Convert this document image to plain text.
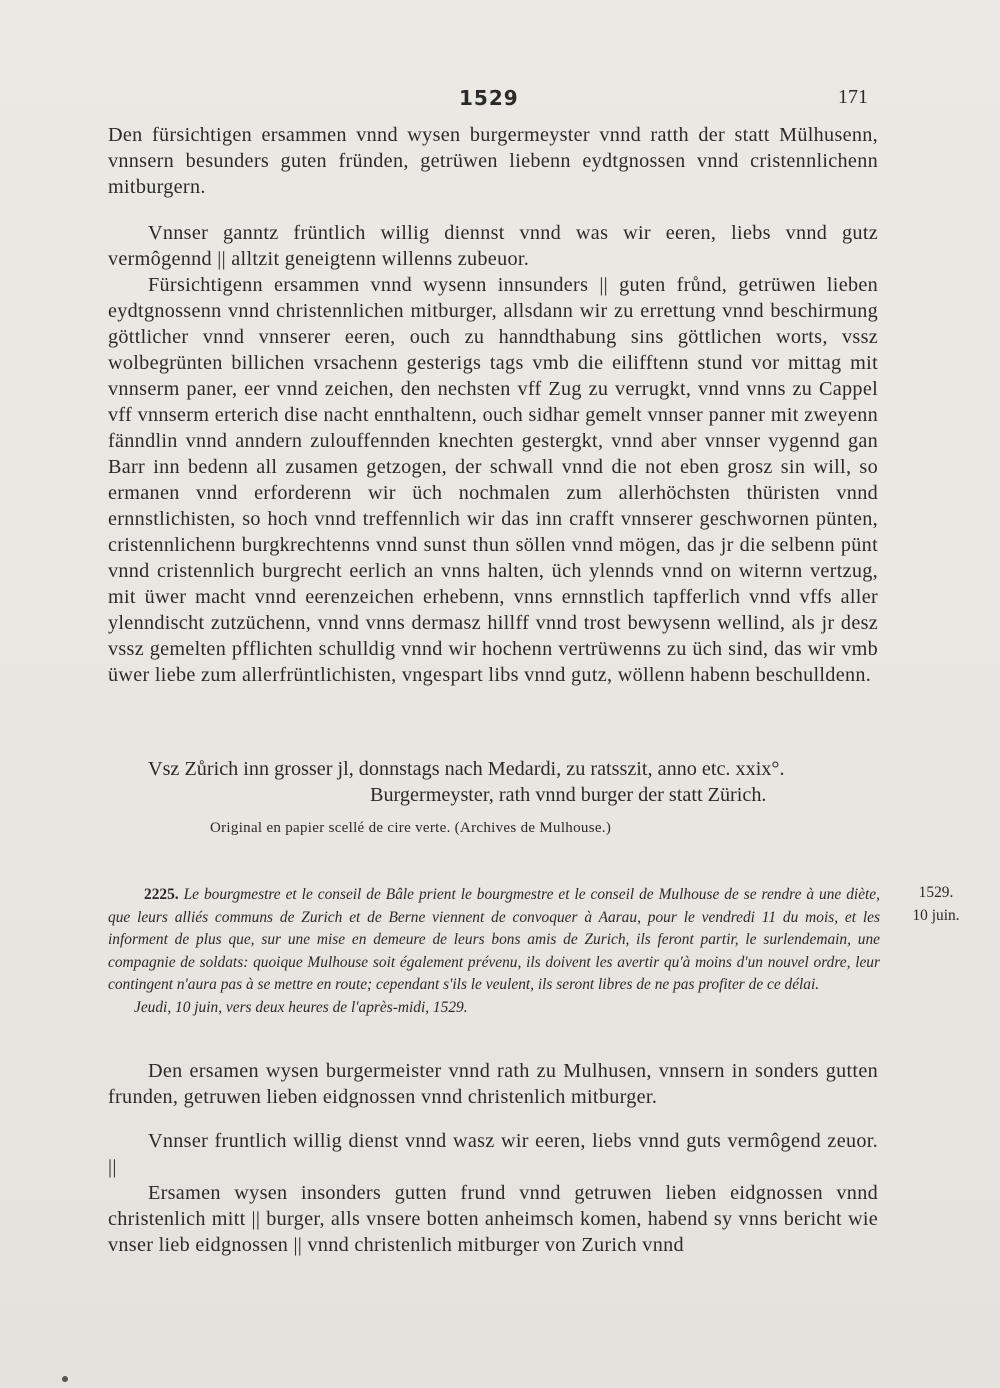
1529	171

Den fürsichtigen ersammen vnnd wysen burgermeyster vnnd ratth der statt Mülhusenn, vnnsern besunders guten fründen, getrüwen liebenn eydtgnossen vnnd cristennlichenn mitburgern.

Vnnser ganntz früntlich willig diennst vnnd was wir eeren, liebs vnnd gutz vermôgennd || alltzit geneigtenn willenns zubeuor.

Fürsichtigenn ersammen vnnd wysenn innsunders || guten frůnd, getrüwen lieben eydtgnossenn vnnd christennlichen mitburger, allsdann wir zu errettung vnnd beschirmung göttlicher vnnd vnnserer eeren, ouch zu hanndthabung sins göttlichen worts, vssz wolbegrünten billichen vrsachenn gesterigs tags vmb die eilifftenn stund vor mittag mit vnnserm paner, eer vnnd zeichen, den nechsten vff Zug zu verrugkt, vnnd vnns zu Cappel vff vnnserm erterich dise nacht ennthaltenn, ouch sidhar gemelt vnnser panner mit zweyenn fänndlin vnnd anndern zulouffennden knechten gestergkt, vnnd aber vnnser vygennd gan Barr inn bedenn all zusamen getzogen, der schwall vnnd die not eben grosz sin will, so ermanen vnnd erforderenn wir üch nochmalen zum allerhöchsten thüristen vnnd ernnstlichisten, so hoch vnnd treffennlich wir das inn crafft vnnserer geschwornen pünten, cristennlichenn burgkrechtenns vnnd sunst thun söllen vnnd mögen, das jr die selbenn pünt vnnd cristennlich burgrecht eerlich an vnns halten, üch ylennds vnnd on witernn vertzug, mit üwer macht vnnd eerenzeichen erhebenn, vnns ernnstlich tapfferlich vnnd vffs aller ylenndischt zutzüchenn, vnnd vnns dermasz hillff vnnd trost bewysenn wellind, als jr desz vssz gemelten pfflichten schulldig vnnd wir hochenn vertrüwenns zu üch sind, das wir vmb üwer liebe zum allerfrüntlichisten, vngespart libs vnnd gutz, wöllenn habenn beschulldenn.

Vsz Zůrich inn grosser jl, donnstags nach Medardi, zu ratsszit, anno etc. xxix°.
Burgermeyster, rath vnnd burger der statt Zürich.
Original en papier scellé de cire verte. (Archives de Mulhouse.)
2225. Le bourgmestre et le conseil de Bâle prient le bourgmestre et le conseil de Mulhouse de se rendre à une diète, que leurs alliés communs de Zurich et de Berne viennent de convoquer à Aarau, pour le vendredi 11 du mois, et les informent de plus que, sur une mise en demeure de leurs bons amis de Zurich, ils feront partir, le surlendemain, une compagnie de soldats: quoique Mulhouse soit également prévenu, ils doivent les avertir qu'à moins d'un nouvel ordre, leur contingent n'aura pas à se mettre en route; cependant s'ils le veulent, ils seront libres de ne pas profiter de ce délai.
Jeudi, 10 juin, vers deux heures de l'après-midi, 1529.
1529.
10 juin.

Den ersamen wysen burgermeister vnnd rath zu Mulhusen, vnnsern in sonders gutten frunden, getruwen lieben eidgnossen vnnd christenlich mitburger.

Vnnser fruntlich willig dienst vnnd wasz wir eeren, liebs vnnd guts vermôgend zeuor. ||

Ersamen wysen insonders gutten frund vnnd getruwen lieben eidgnossen vnnd christenlich mitt || burger, alls vnsere botten anheimsch komen, habend sy vnns bericht wie vnser lieb eidgnossen || vnnd christenlich mitburger von Zurich vnnd
